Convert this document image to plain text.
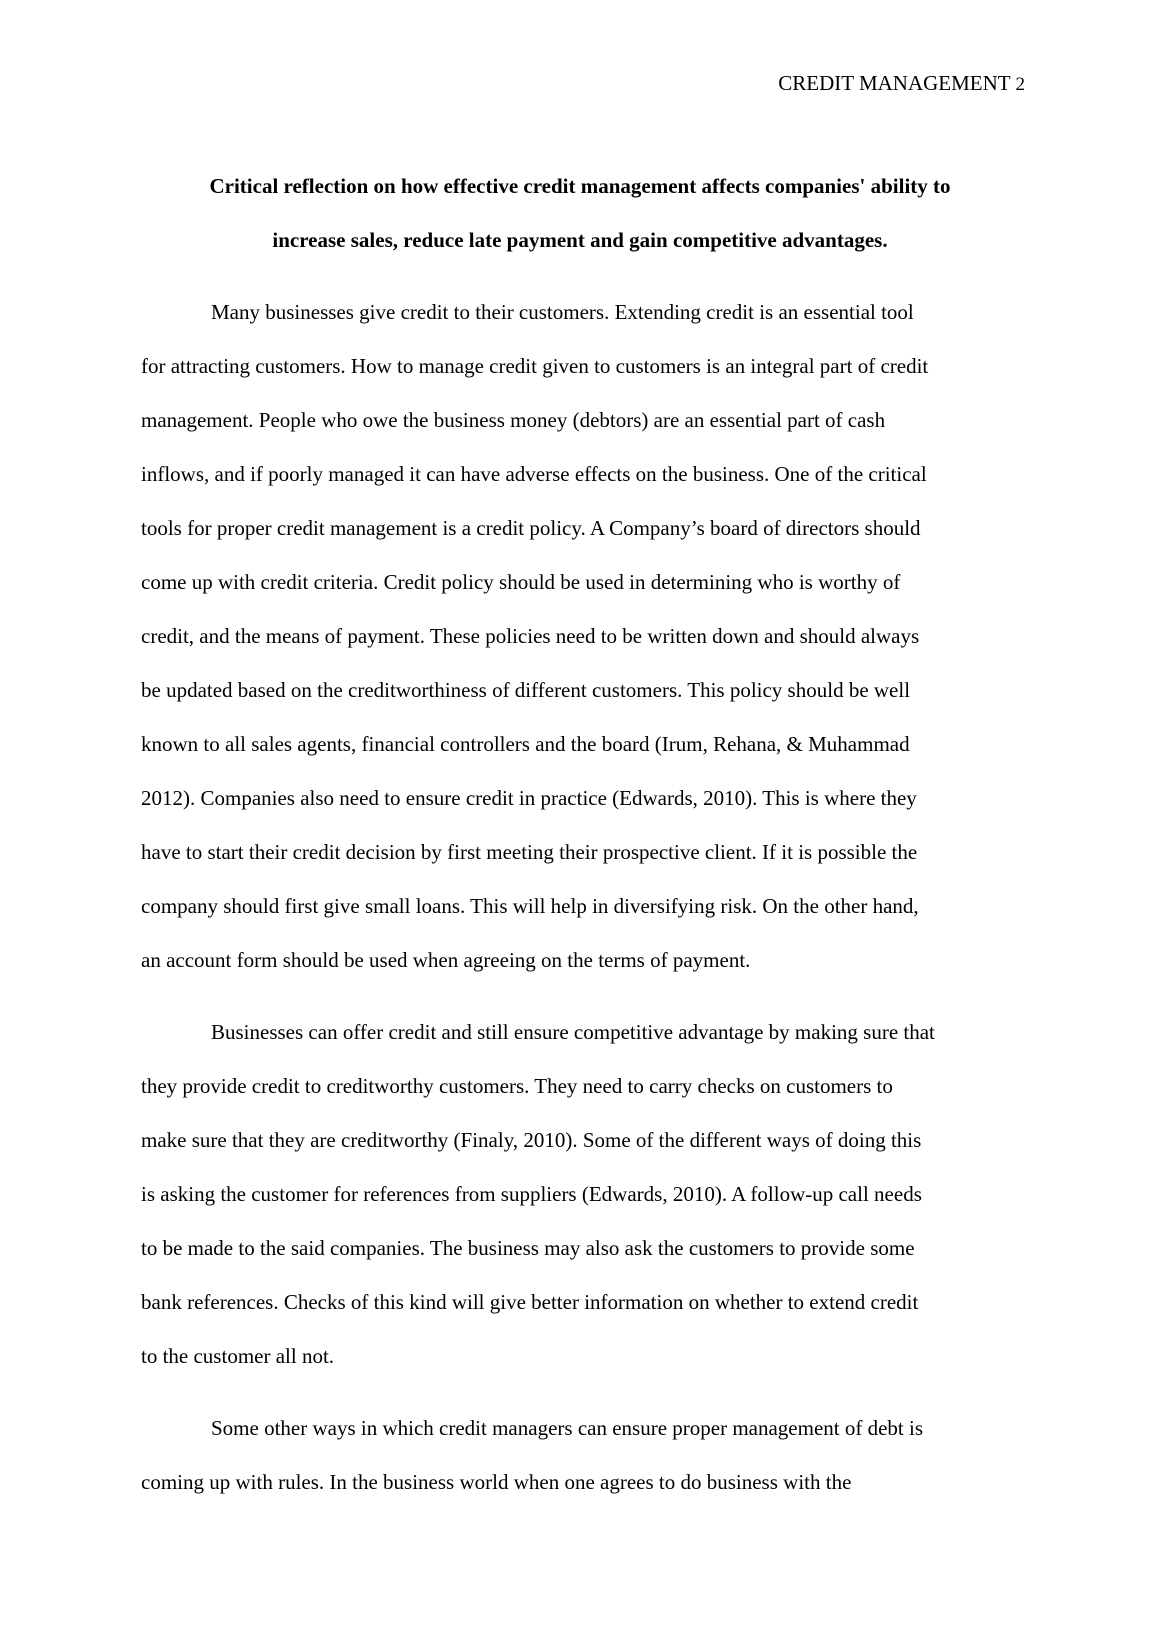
CREDIT MANAGEMENT 2
Critical reflection on how effective credit management affects companies' ability to
increase sales, reduce late payment and gain competitive advantages.
Many businesses give credit to their customers. Extending credit is an essential tool
for attracting customers. How to manage credit given to customers is an integral part of credit
management. People who owe the business money (debtors) are an essential part of cash
inflows, and if poorly managed it can have adverse effects on the business. One of the critical
tools for proper credit management is a credit policy. A Company’s board of directors should
come up with credit criteria. Credit policy should be used in determining who is worthy of
credit, and the means of payment. These policies need to be written down and should always
be updated based on the creditworthiness of different customers. This policy should be well
known to all sales agents, financial controllers and the board (Irum, Rehana, & Muhammad
2012). Companies also need to ensure credit in practice (Edwards, 2010). This is where they
have to start their credit decision by first meeting their prospective client. If it is possible the
company should first give small loans. This will help in diversifying risk. On the other hand,
an account form should be used when agreeing on the terms of payment.
Businesses can offer credit and still ensure competitive advantage by making sure that
they provide credit to creditworthy customers. They need to carry checks on customers to
make sure that they are creditworthy (Finaly, 2010). Some of the different ways of doing this
is asking the customer for references from suppliers (Edwards, 2010). A follow-up call needs
to be made to the said companies. The business may also ask the customers to provide some
bank references. Checks of this kind will give better information on whether to extend credit
to the customer all not.
Some other ways in which credit managers can ensure proper management of debt is
coming up with rules. In the business world when one agrees to do business with the
